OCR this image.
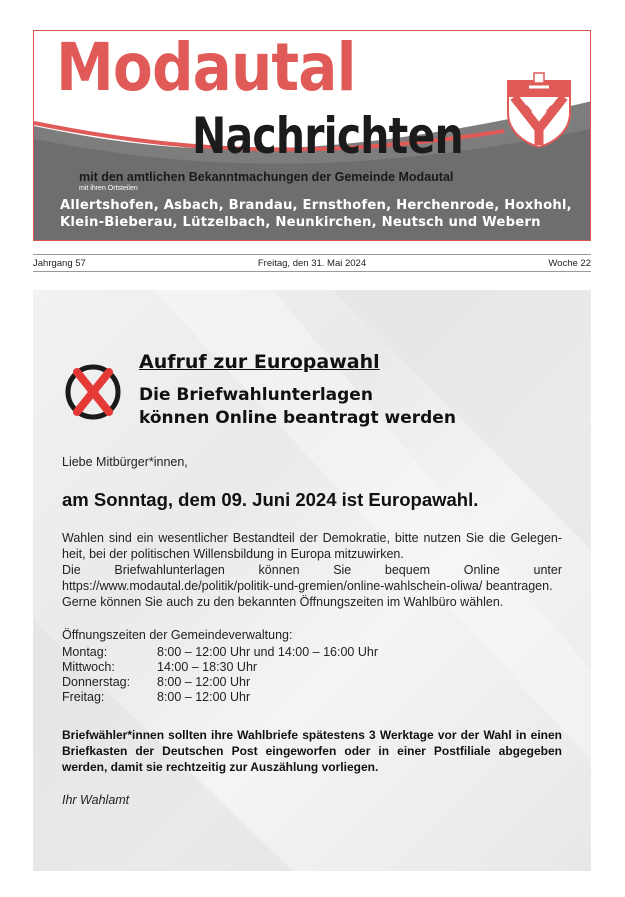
Modautal
Nachrichten
mit den amtlichen Bekanntmachungen der Gemeinde Modautal
mit ihren Ortsteilen
Allertshofen, Asbach, Brandau, Ernsthofen, Herchenrode, Hoxhohl,
Klein-Bieberau, Lützelbach, Neunkirchen, Neutsch und Webern
Jahrgang 57	Freitag, den 31. Mai 2024	Woche 22
Aufruf zur Europawahl
Die Briefwahlunterlagen
können Online beantragt werden
Liebe Mitbürger*innen,
am Sonntag, dem 09. Juni 2024 ist Europawahl.
Wahlen sind ein wesentlicher Bestandteil der Demokratie, bitte nutzen Sie die Gelegen-heit, bei der politischen Willensbildung in Europa mitzuwirken.
Die Briefwahlunterlagen können Sie bequem Online unter https://www.modautal.de/politik/politik-und-gremien/online-wahlschein-oliwa/ beantragen.
Gerne können Sie auch zu den bekannten Öffnungszeiten im Wahlbüro wählen.
Öffnungszeiten der Gemeindeverwaltung:
Montag:	8:00 – 12:00 Uhr und 14:00 – 16:00 Uhr
Mittwoch:	14:00 – 18:30 Uhr
Donnerstag:	8:00 – 12:00 Uhr
Freitag:	8:00 – 12:00 Uhr
Briefwähler*innen sollten ihre Wahlbriefe spätestens 3 Werktage vor der Wahl in einen Briefkasten der Deutschen Post eingeworfen oder in einer Postfiliale abgegeben werden, damit sie rechtzeitig zur Auszählung vorliegen.
Ihr Wahlamt
